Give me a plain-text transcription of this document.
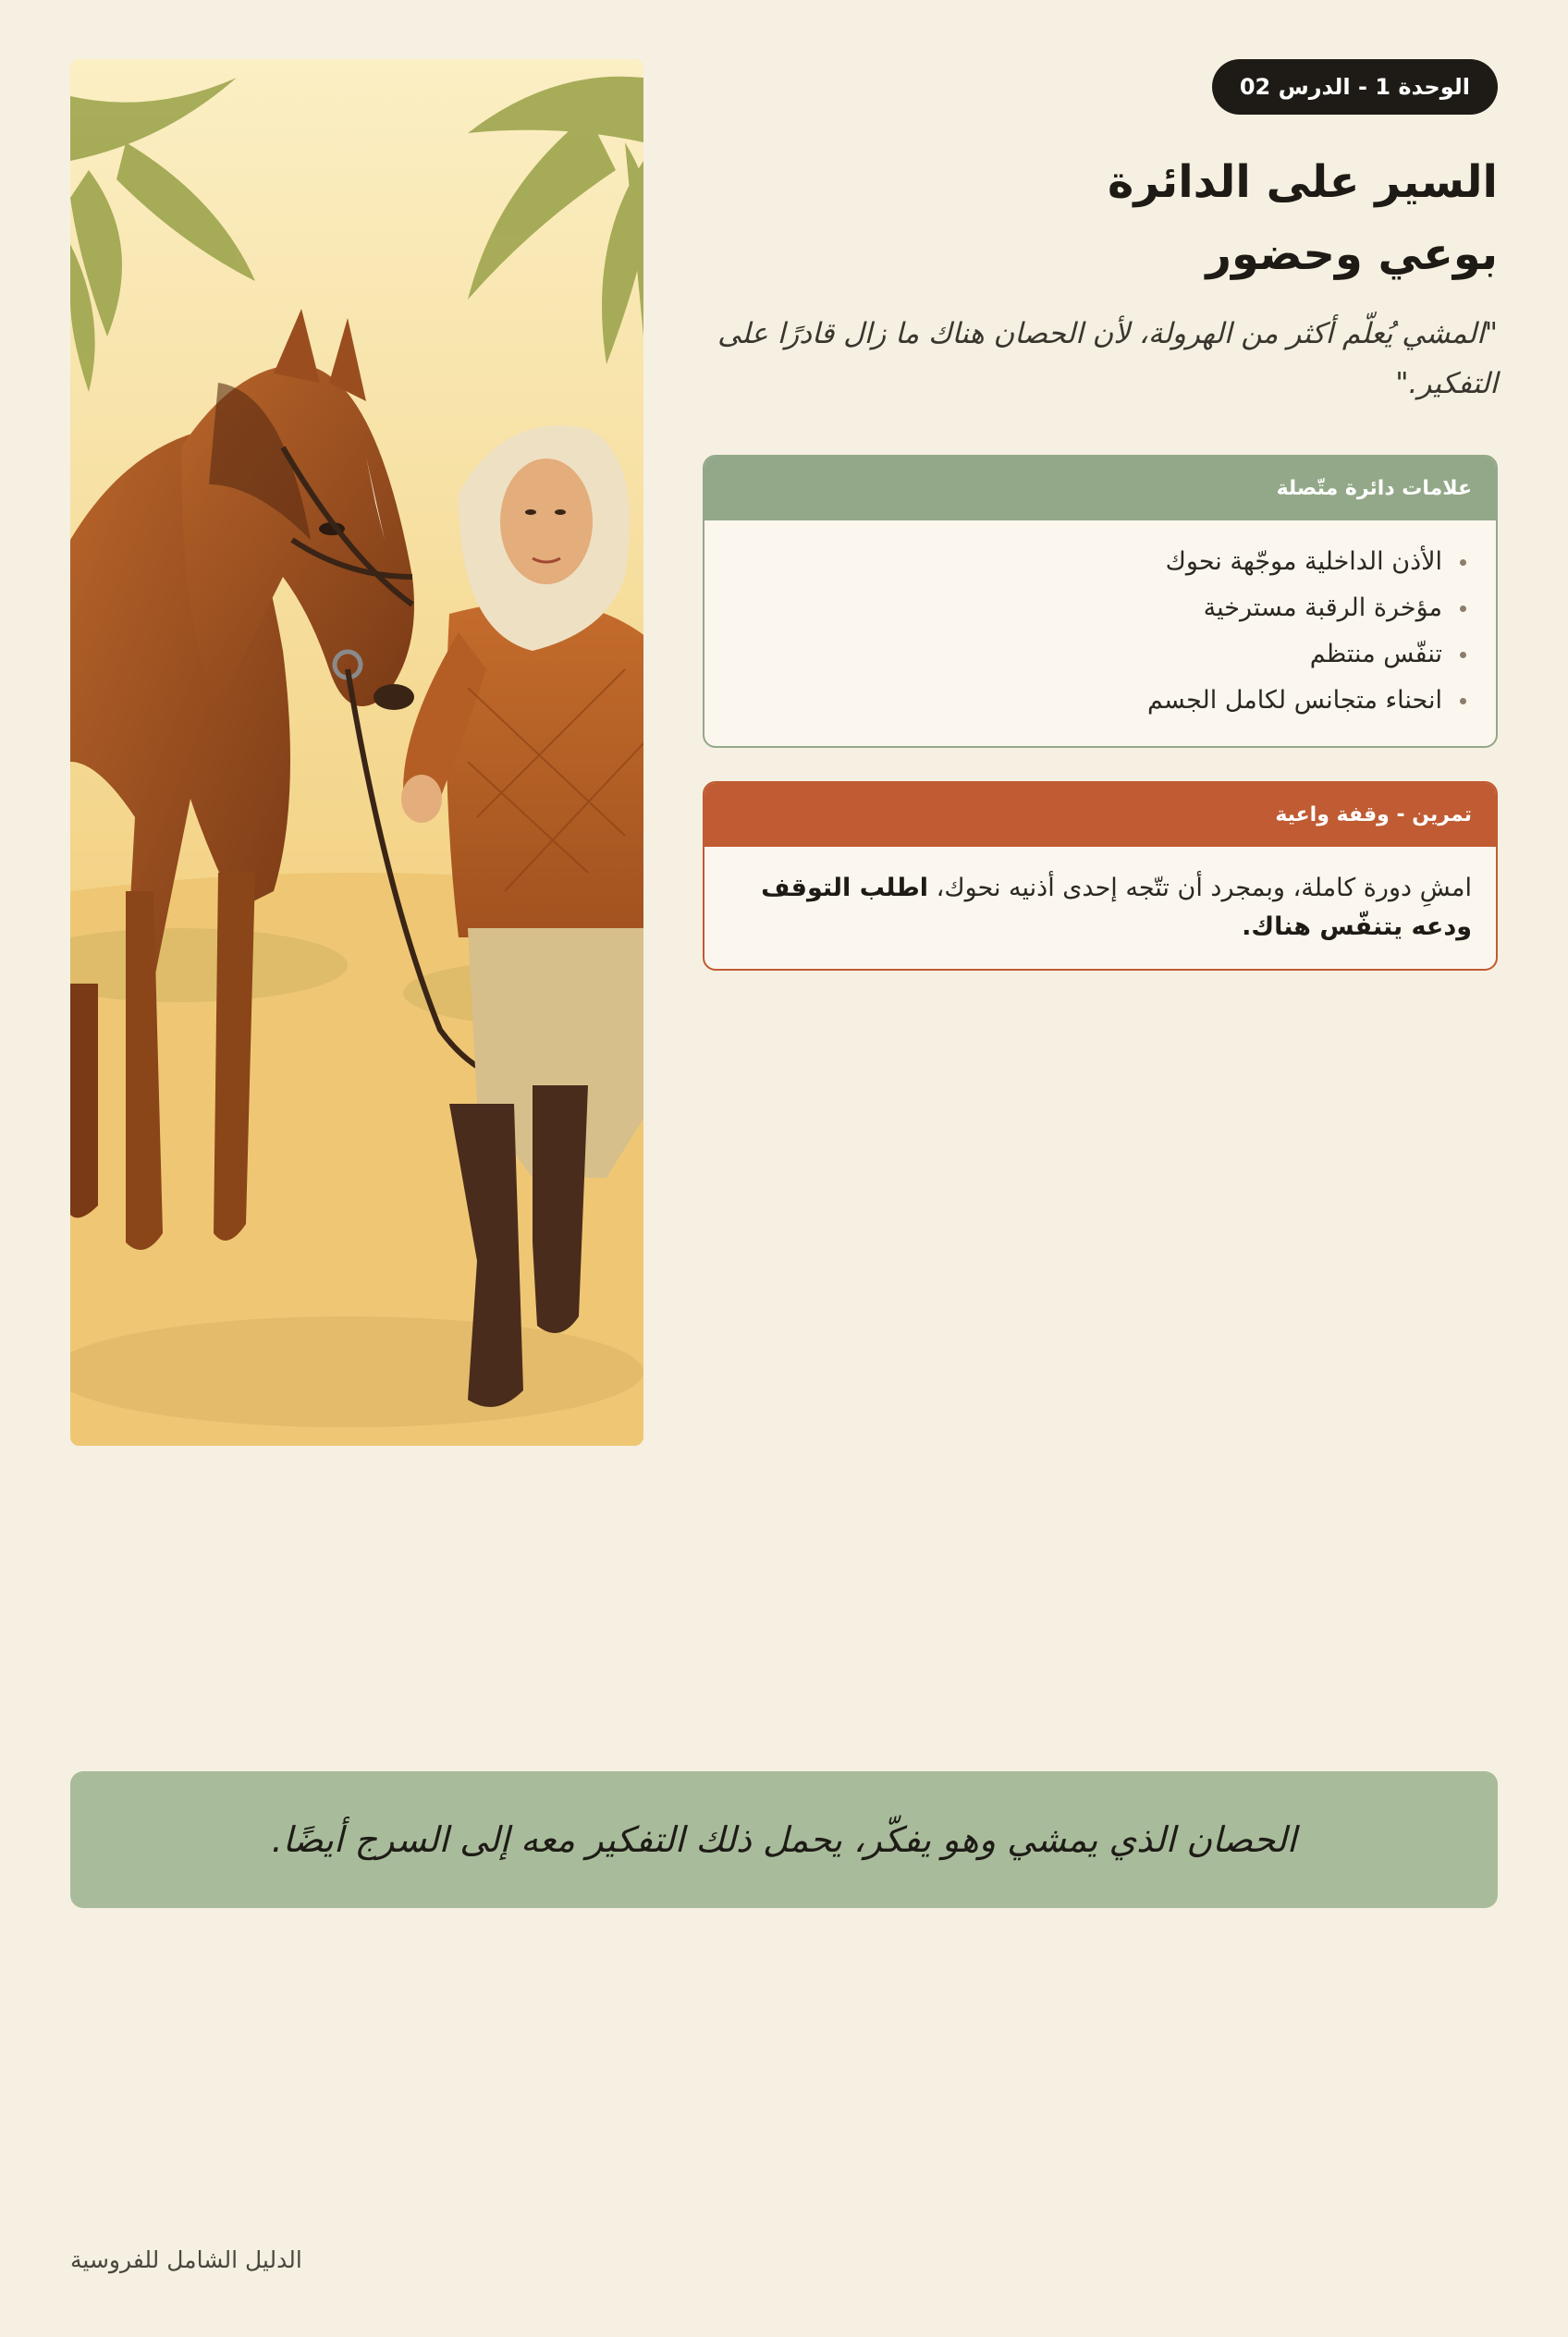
الوحدة 1 - الدرس 02
السير على الدائرة
بوعي وحضور

"المشي يُعلّم أكثر من الهرولة، لأن الحصان هناك ما زال قادرًا على التفكير."

علامات دائرة متّصلة
الأذن الداخلية موجّهة نحوك
مؤخرة الرقبة مسترخية
تنفّس منتظم
انحناء متجانس لكامل الجسم
تمرين - وقفة واعية

امشِ دورة كاملة، وبمجرد أن تتّجه إحدى أذنيه نحوك، اطلب التوقف ودعه يتنفّس هناك.

الحصان الذي يمشي وهو يفكّر، يحمل ذلك التفكير معه إلى السرج أيضًا.
الدليل الشامل للفروسية
